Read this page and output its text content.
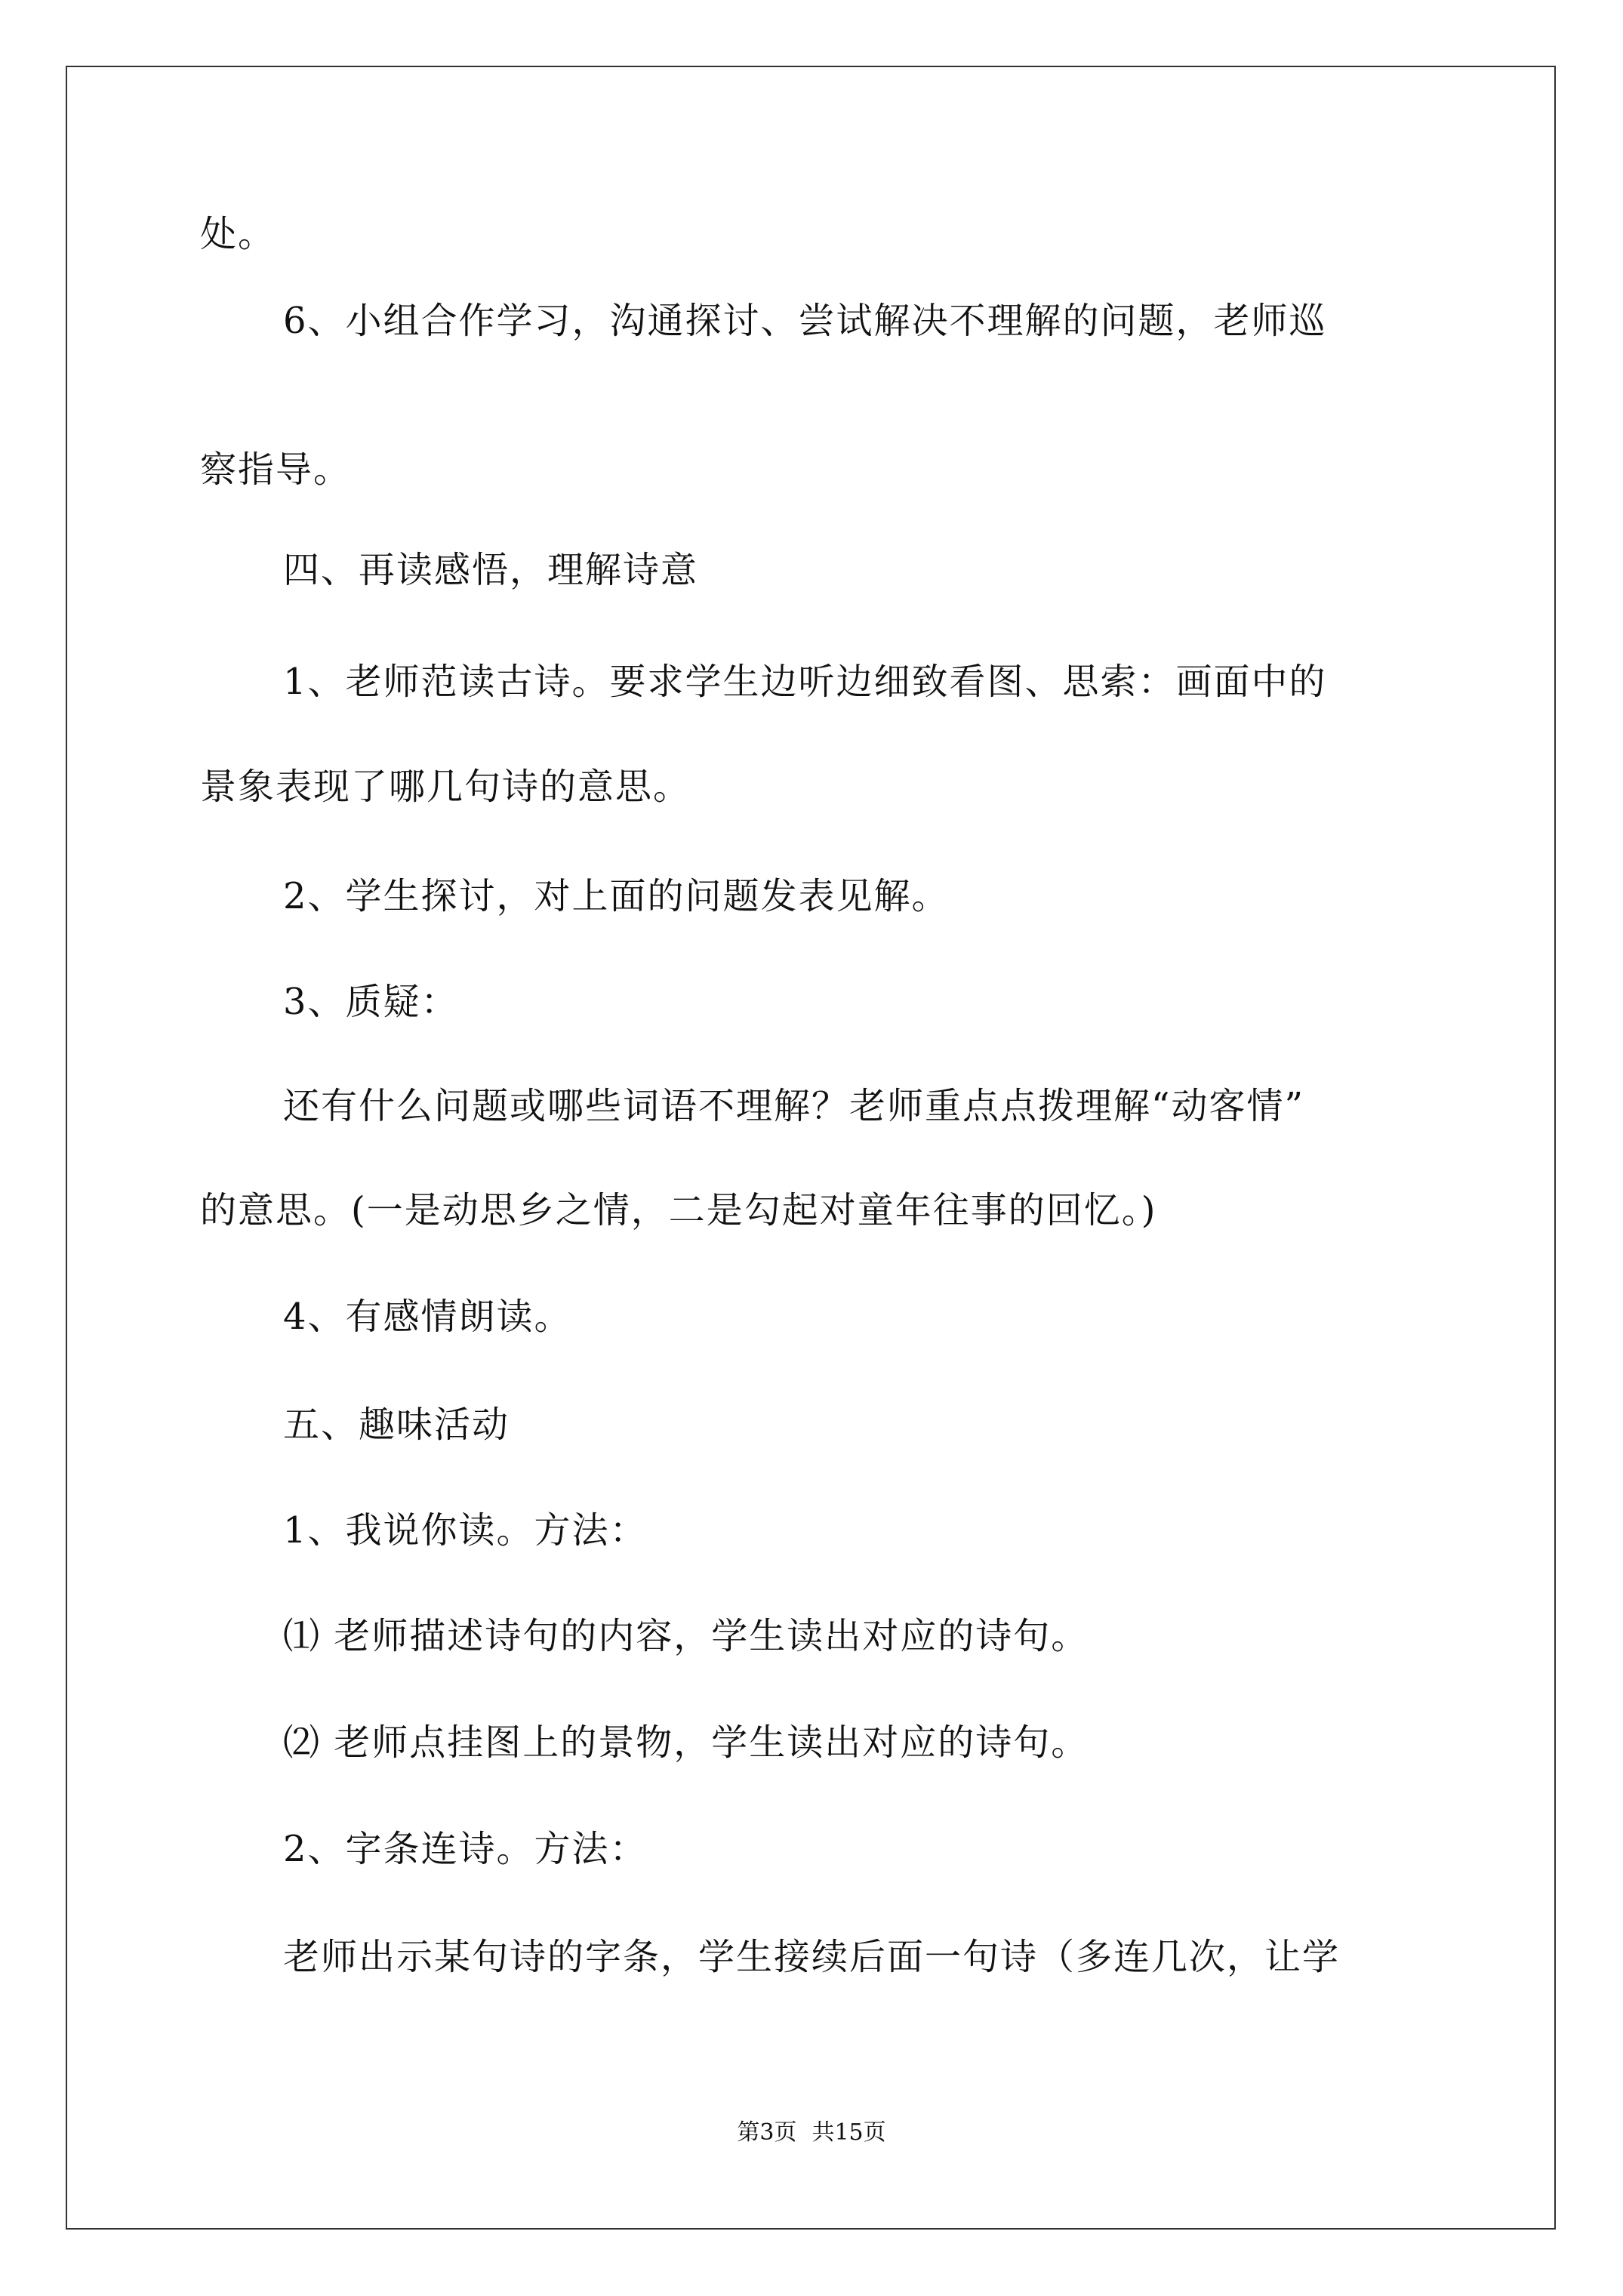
处。
6、小组合作学习，沟通探讨、尝试解决不理解的问题，老师巡
察指导。
四、再读感悟，理解诗意
1、老师范读古诗。要求学生边听边细致看图、思索：画面中的
景象表现了哪几句诗的意思。
2、学生探讨，对上面的问题发表见解。
3、质疑：
还有什么问题或哪些词语不理解？老师重点点拨理解“动客情”
的意思。(一是动思乡之情，二是勾起对童年往事的回忆。)
4、有感情朗读。
五、趣味活动
1、我说你读。方法：
⑴ 老师描述诗句的内容，学生读出对应的诗句。
⑵ 老师点挂图上的景物，学生读出对应的诗句。
2、字条连诗。方法：
老师出示某句诗的字条，学生接续后面一句诗（多连几次，让学
第3页 共15页
